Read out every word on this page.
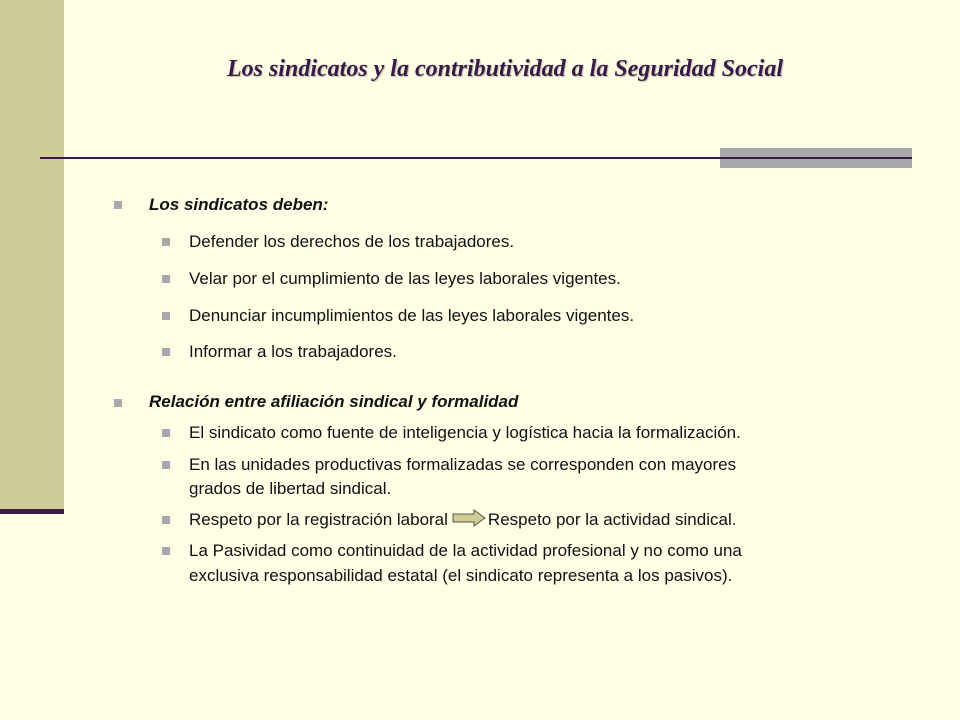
Los sindicatos y la contributividad a la Seguridad Social
Los sindicatos deben:
Defender los derechos de los trabajadores.
Velar por el cumplimiento de las leyes laborales vigentes.
Denunciar incumplimientos de las leyes laborales vigentes.
Informar a los trabajadores.
Relación entre afiliación sindical y formalidad
El sindicato como fuente de inteligencia y logística hacia la formalización.
En las unidades productivas formalizadas se corresponden con mayores
grados de libertad sindical.
Respeto por la registración laboral Respeto por la actividad sindical.
La Pasividad como continuidad de la actividad profesional y no como una
exclusiva responsabilidad estatal (el sindicato representa a los pasivos).
